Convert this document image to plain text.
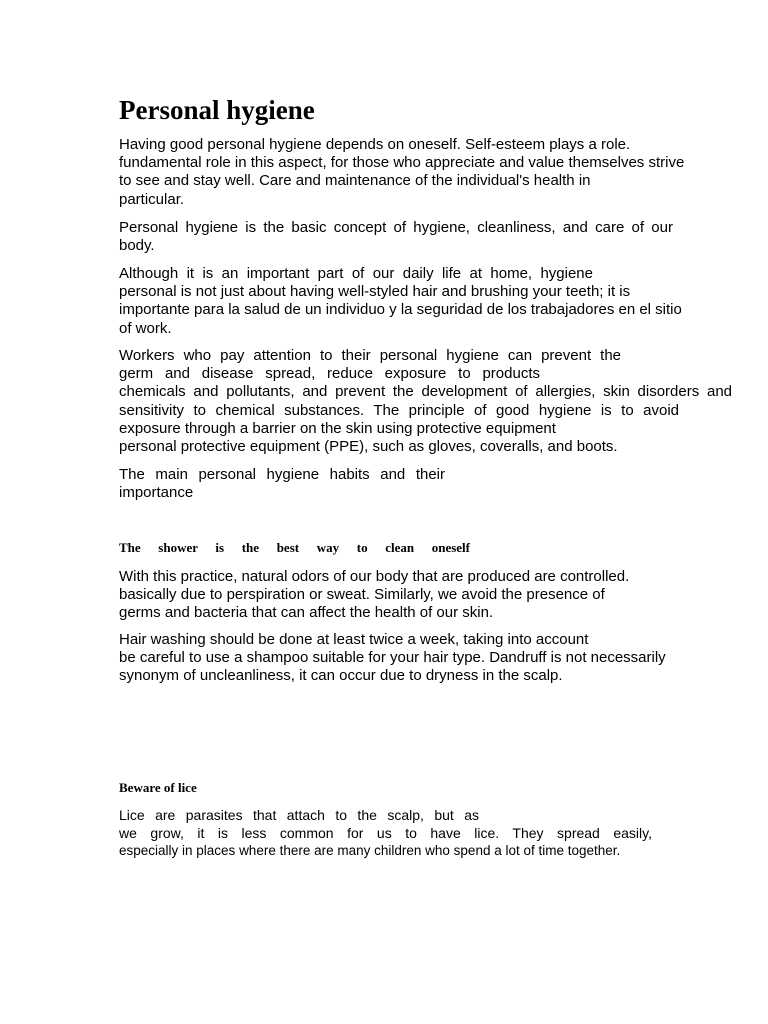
Personal hygiene

Having good personal hygiene depends on oneself. Self-esteem plays a role.
fundamental role in this aspect, for those who appreciate and value themselves strive
to see and stay well. Care and maintenance of the individual's health in
particular.

Personal hygiene is the basic concept of hygiene, cleanliness, and care of our
body.

Although it is an important part of our daily life at home, hygiene
personal is not just about having well-styled hair and brushing your teeth; it is
importante para la salud de un individuo y la seguridad de los trabajadores en el sitio
of work.

Workers who pay attention to their personal hygiene can prevent the
germ and disease spread, reduce exposure to products
chemicals and pollutants, and prevent the development of allergies, skin disorders and
sensitivity to chemical substances. The principle of good hygiene is to avoid
exposure through a barrier on the skin using protective equipment
personal protective equipment (PPE), such as gloves, coveralls, and boots.

The main personal hygiene habits and their
importance

The shower is the best way to clean oneself

With this practice, natural odors of our body that are produced are controlled.
basically due to perspiration or sweat. Similarly, we avoid the presence of
germs and bacteria that can affect the health of our skin.

Hair washing should be done at least twice a week, taking into account
be careful to use a shampoo suitable for your hair type. Dandruff is not necessarily
synonym of uncleanliness, it can occur due to dryness in the scalp.

Beware of lice

Lice are parasites that attach to the scalp, but as
we grow, it is less common for us to have lice. They spread easily,
especially in places where there are many children who spend a lot of time together.
